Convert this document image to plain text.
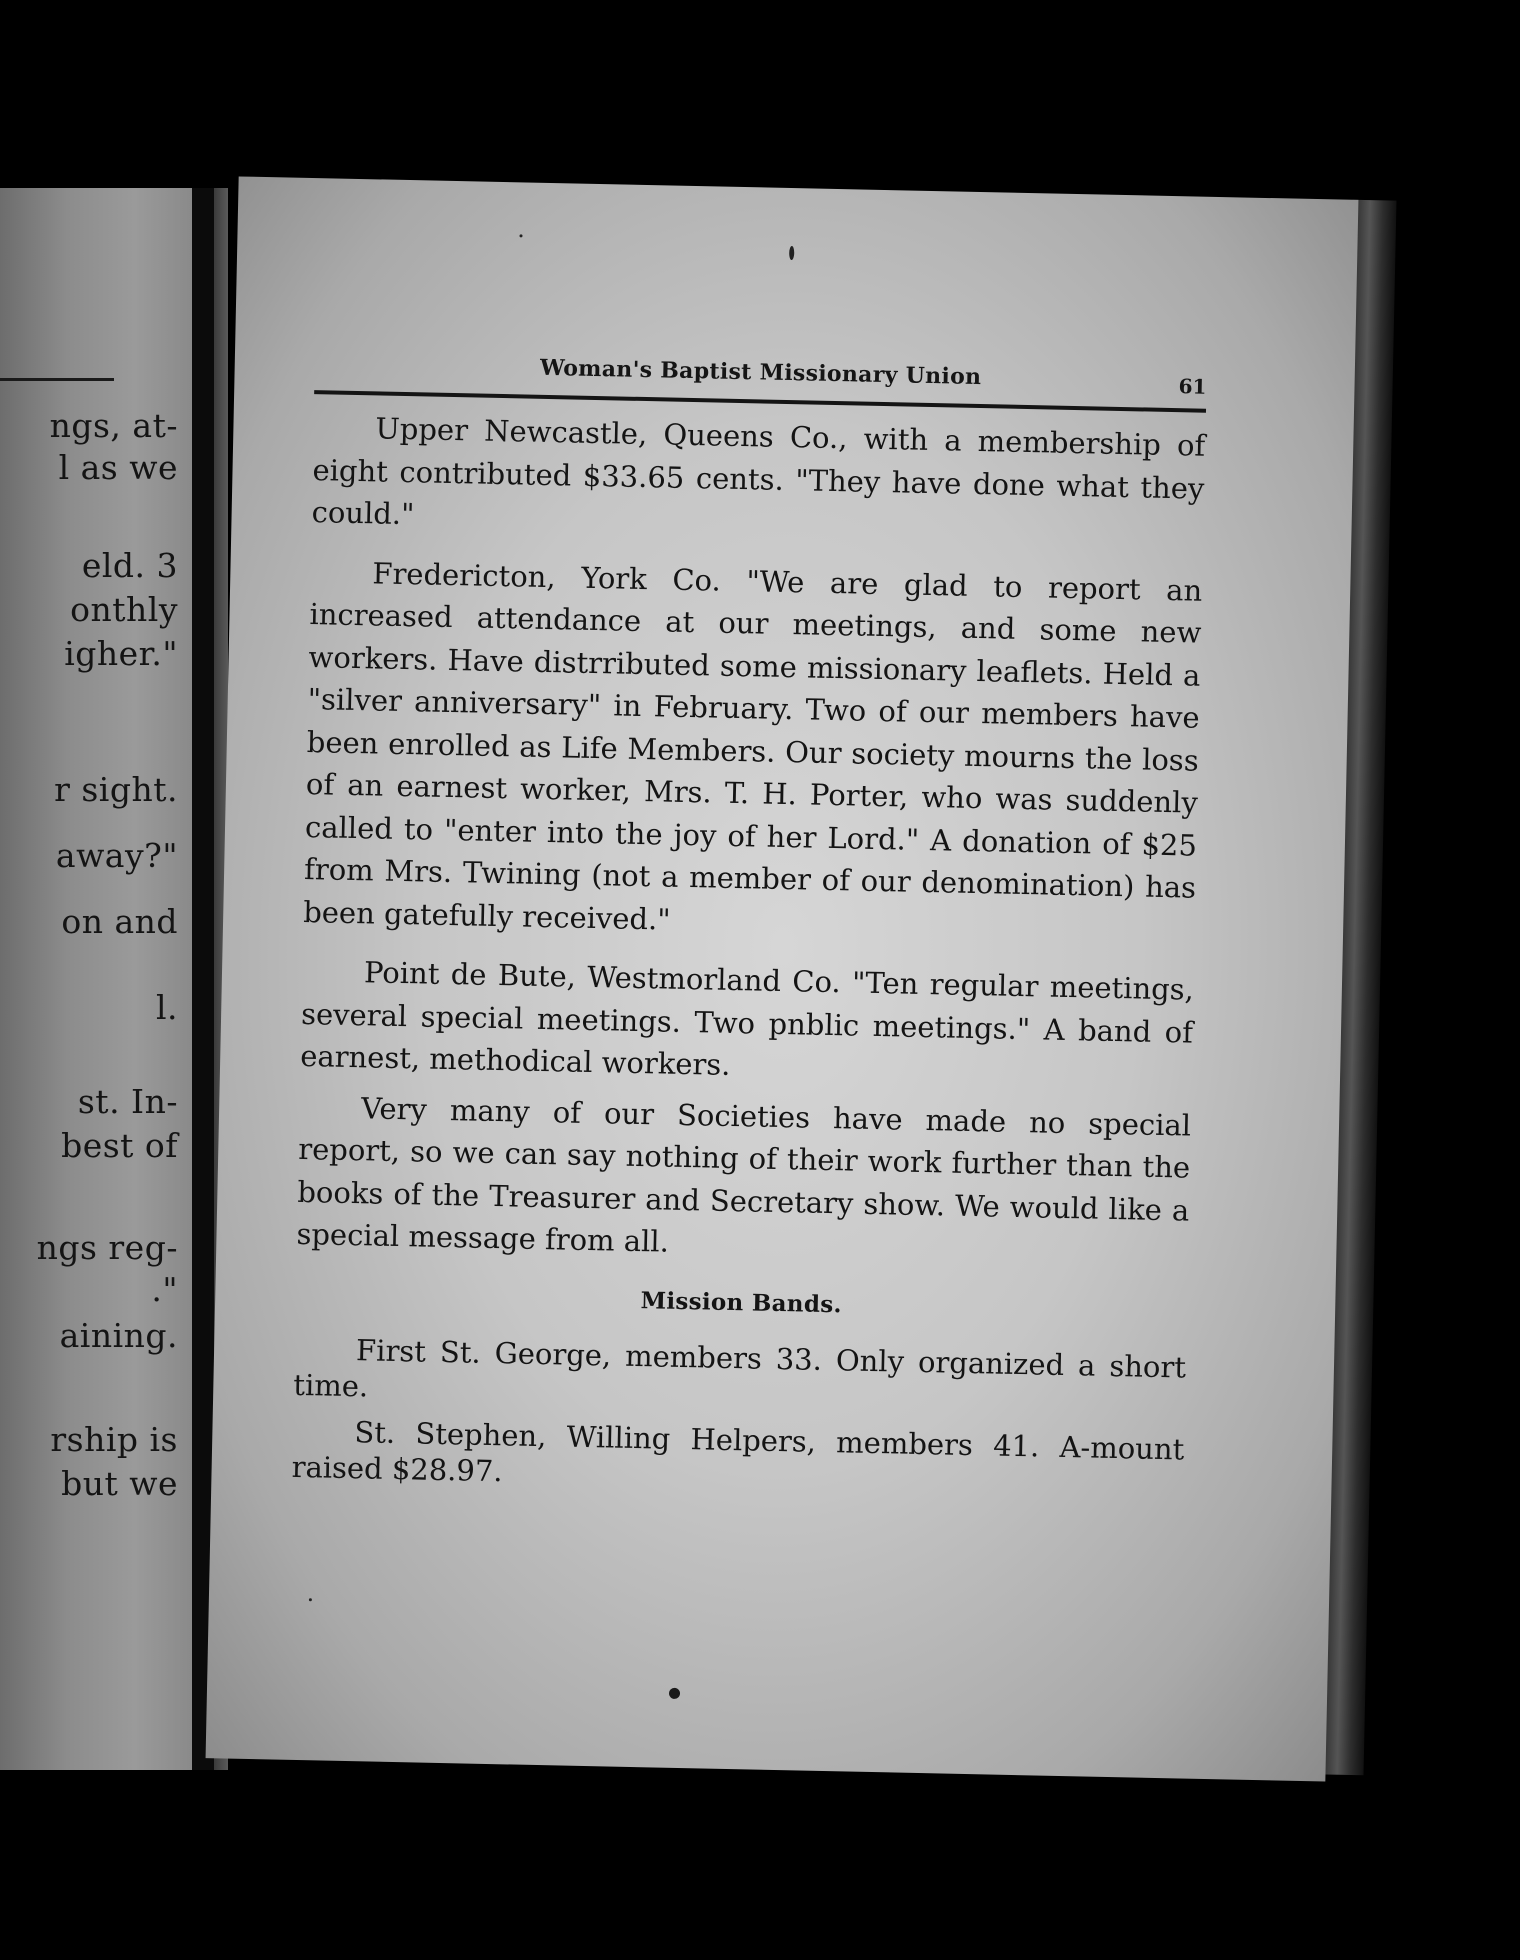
ngs, at-
l as we
eld. 3
onthly
igher."
r sight.
away?"
on and
l.
st. In-
best of
ngs reg-
."
aining.
rship is
but we
Woman's Baptist Missionary Union	61

Upper Newcastle, Queens Co., with a membership of eight contributed $33.65 cents. "They have done what they could."

Fredericton, York Co. "We are glad to report an increased attendance at our meetings, and some new workers. Have distrributed some missionary leaflets. Held a "silver anniversary" in February. Two of our members have been enrolled as Life Members. Our society mourns the loss of an earnest worker, Mrs. T. H. Porter, who was suddenly called to "enter into the joy of her Lord." A donation of $25 from Mrs. Twining (not a member of our denomination) has been gatefully received."

Point de Bute, Westmorland Co. "Ten regular meetings, several special meetings. Two pnblic meetings." A band of earnest, methodical workers.

Very many of our Societies have made no special report, so we can say nothing of their work further than the books of the Treasurer and Secretary show. We would like a special message from all.

Mission Bands.

First St. George, members 33. Only organized a short time.

St. Stephen, Willing Helpers, members 41. A-mount raised $28.97.
